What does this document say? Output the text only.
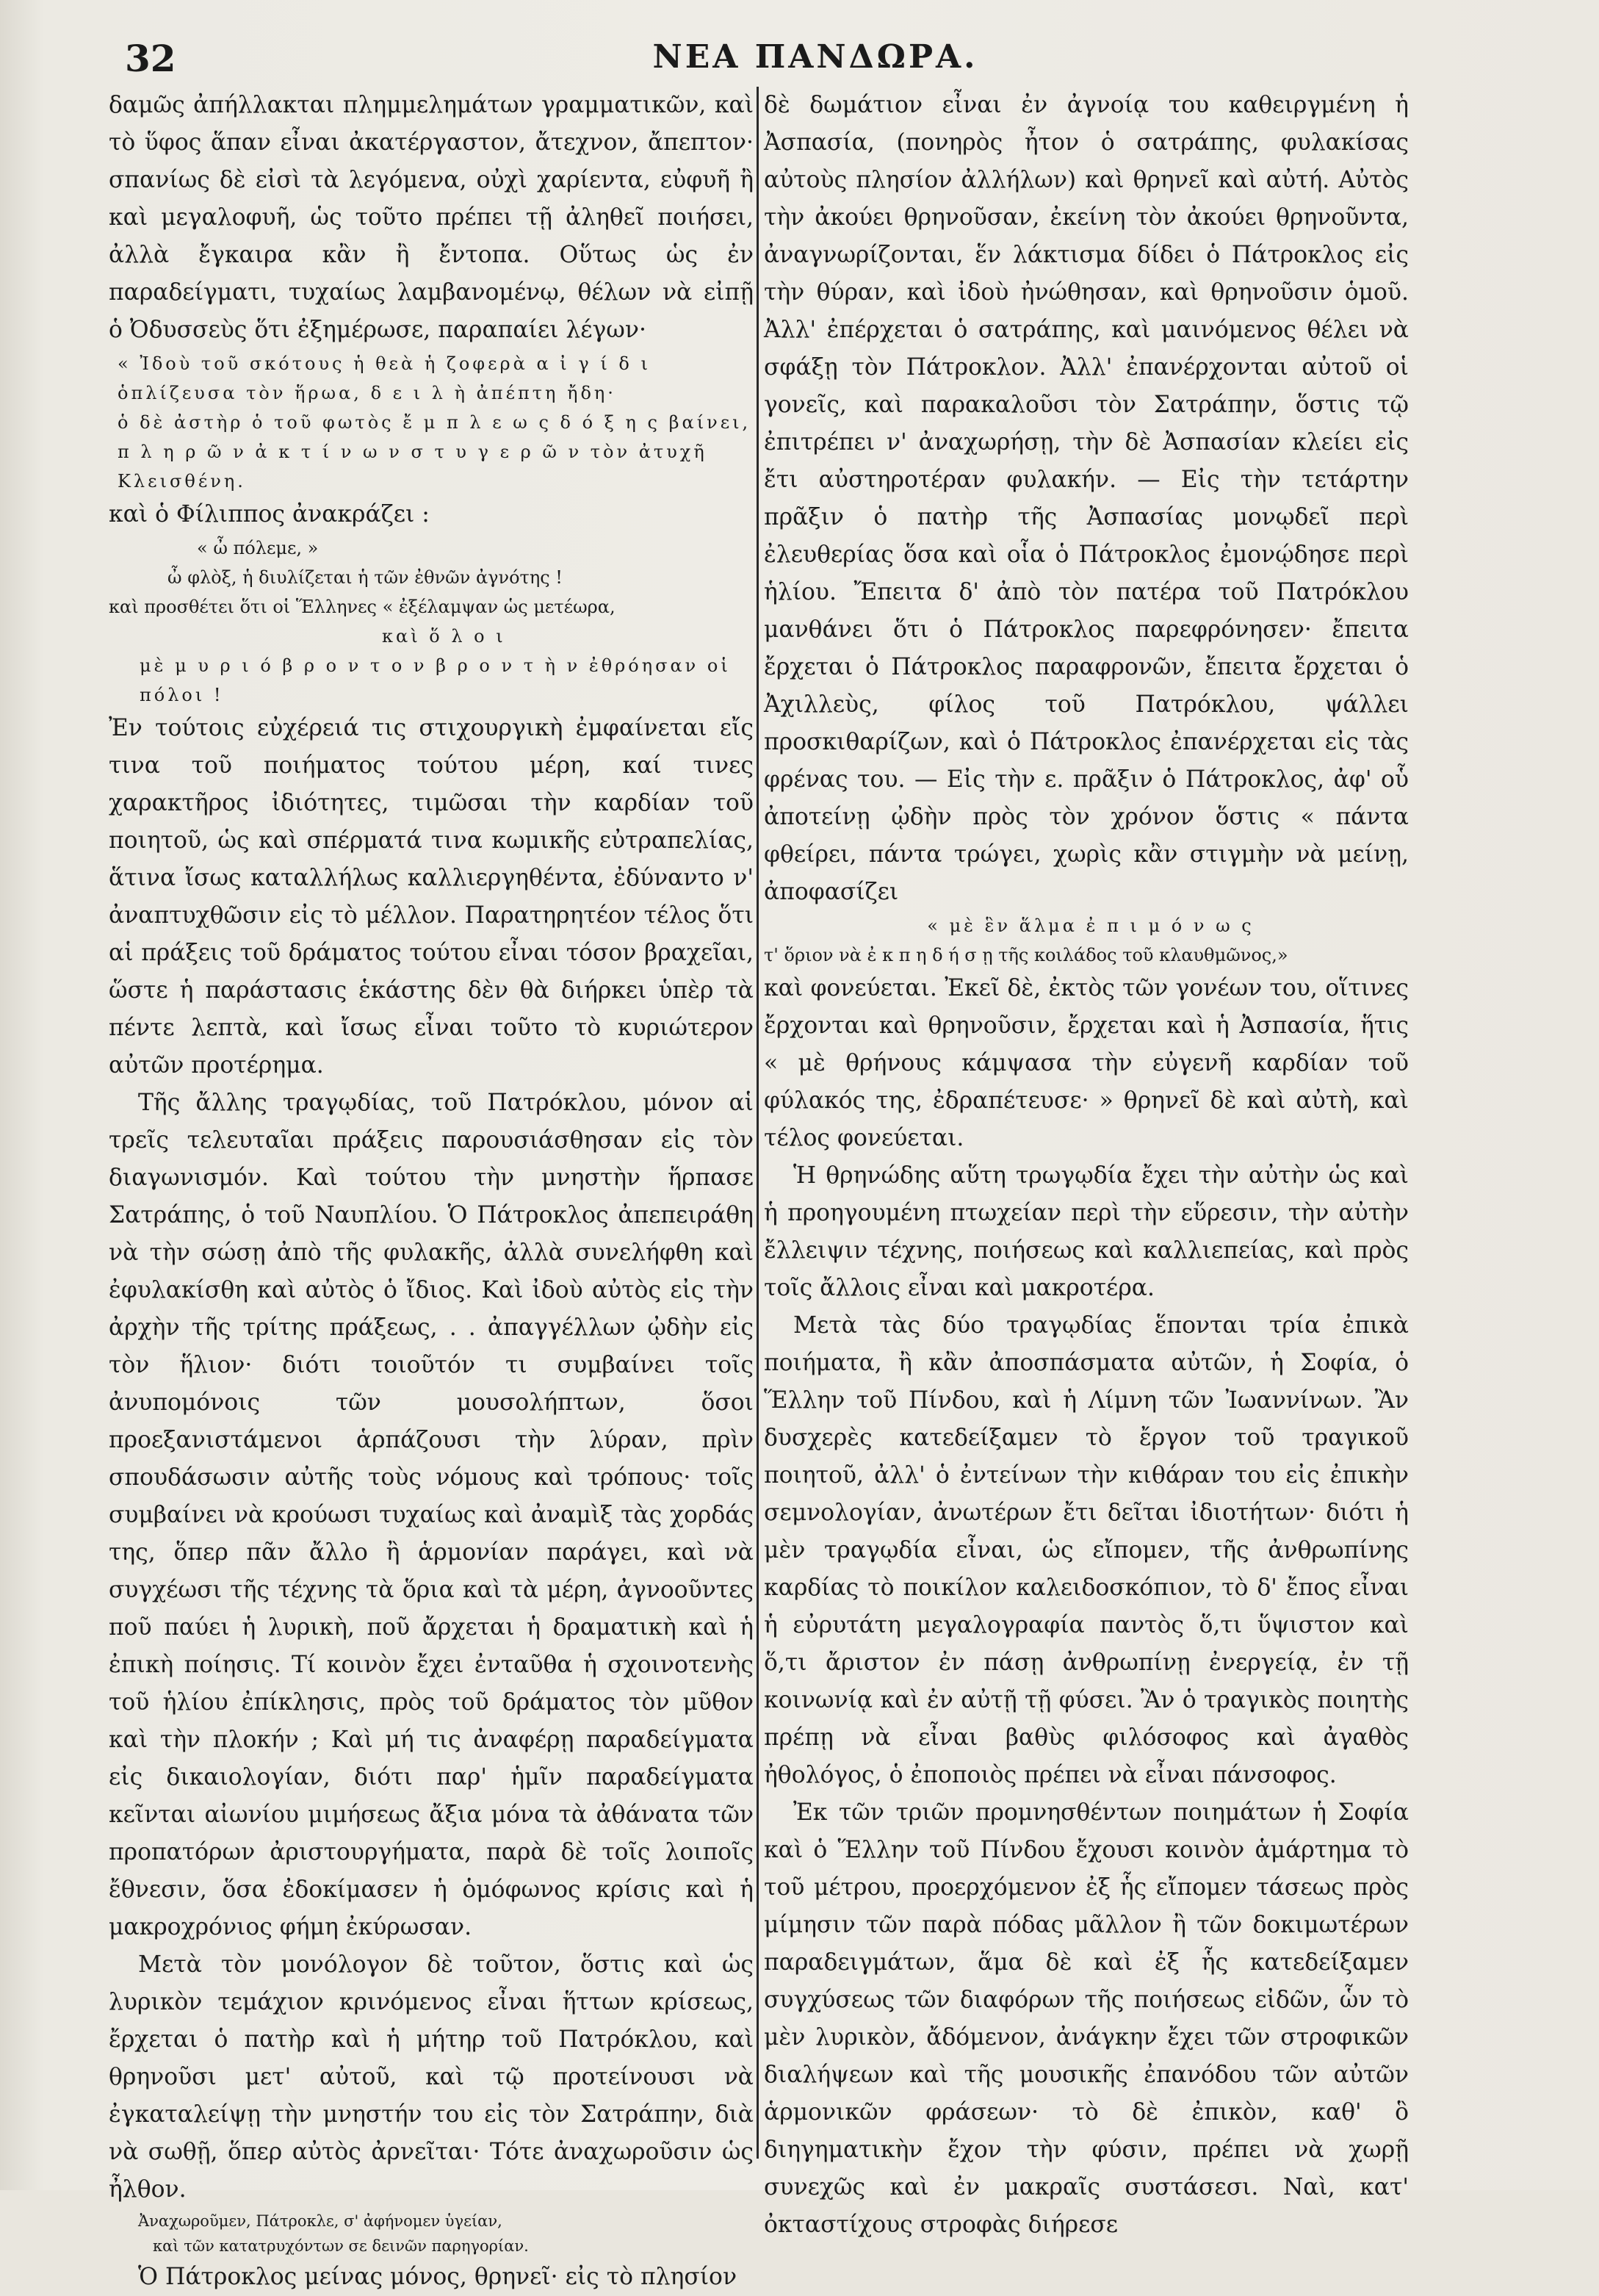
32	ΝΕΑ ΠΑΝΔΩΡΑ.

δαμῶς ἀπήλλακται πλημμελημάτων γραμματικῶν, καὶ τὸ ὕφος ἅπαν εἶναι ἀκατέργαστον, ἄτεχνον, ἄπεπτον· σπανίως δὲ εἰσὶ τὰ λεγόμενα, οὐχὶ χαρίεντα, εὐφυῆ ἢ καὶ μεγαλοφυῆ, ὡς τοῦτο πρέπει τῇ ἀληθεῖ ποιήσει, ἀλλὰ ἔγκαιρα κἂν ἢ ἔντοπα. Οὕτως ὡς ἐν παραδείγματι, τυχαίως λαμβανομένῳ, θέλων νὰ εἰπῇ ὁ Ὀδυσσεὺς ὅτι ἐξημέρωσε, παραπαίει λέγων·

« Ἰδοὺ τοῦ σκότους ἡ θεὰ ἡ ζοφερὰ α ἰ γ ί δ ι
ὁπλίζευσα τὸν ἥρωα, δ ε ι λ ὴ ἀπέπτη ἤδη·
ὁ δὲ ἀστὴρ ὁ τοῦ φωτὸς ἔ μ π λ ε ω ς δ ό ξ η ς βαίνει,
π λ η ρ ῶ ν ἀ κ τ ί ν ω ν σ τ υ γ ε ρ ῶ ν τὸν ἀτυχῆ Κλεισθένη.

καὶ ὁ Φίλιππος ἀνακράζει :

« ὦ πόλεμε, »
ὦ φλὸξ, ἡ διυλίζεται ἡ τῶν ἐθνῶν ἀγνότης !
καὶ προσθέτει ὅτι οἱ Ἕλληνες « ἐξέλαμψαν ὡς μετέωρα,
καὶ ὅ λ ο ι
μὲ μ υ ρ ι ό β ρ ο ν τ ο ν β ρ ο ν τ ὴ ν ἐθρόησαν οἱ πόλοι !

Ἐν τούτοις εὐχέρειά τις στιχουργικὴ ἐμφαίνεται εἴς τινα τοῦ ποιήματος τούτου μέρη, καί τινες χαρακτῆρος ἰδιότητες, τιμῶσαι τὴν καρδίαν τοῦ ποιητοῦ, ὡς καὶ σπέρματά τινα κωμικῆς εὐτραπελίας, ἅτινα ἴσως καταλλήλως καλλιεργηθέντα, ἐδύναντο ν' ἀναπτυχθῶσιν εἰς τὸ μέλλον. Παρατηρητέον τέλος ὅτι αἱ πράξεις τοῦ δράματος τούτου εἶναι τόσον βραχεῖαι, ὥστε ἡ παράστασις ἑκάστης δὲν θὰ διήρκει ὑπὲρ τὰ πέντε λεπτὰ, καὶ ἴσως εἶναι τοῦτο τὸ κυριώτερον αὐτῶν προτέρημα.

Τῆς ἄλλης τραγῳδίας, τοῦ Πατρόκλου, μόνον αἱ τρεῖς τελευταῖαι πράξεις παρουσιάσθησαν εἰς τὸν διαγωνισμόν. Καὶ τούτου τὴν μνηστὴν ἥρπασε Σατράπης, ὁ τοῦ Ναυπλίου. Ὁ Πάτροκλος ἀπεπειράθη νὰ τὴν σώσῃ ἀπὸ τῆς φυλακῆς, ἀλλὰ συνελήφθη καὶ ἐφυλακίσθη καὶ αὐτὸς ὁ ἴδιος. Καὶ ἰδοὺ αὐτὸς εἰς τὴν ἀρχὴν τῆς τρίτης πράξεως, . . ἀπαγγέλλων ᾠδὴν εἰς τὸν ἥλιον· διότι τοιοῦτόν τι συμβαίνει τοῖς ἀνυπομόνοις τῶν μουσολήπτων, ὅσοι προεξανιστάμενοι ἁρπάζουσι τὴν λύραν, πρὶν σπουδάσωσιν αὐτῆς τοὺς νόμους καὶ τρόπους· τοῖς συμβαίνει νὰ κρούωσι τυχαίως καὶ ἀναμὶξ τὰς χορδάς της, ὅπερ πᾶν ἄλλο ἢ ἁρμονίαν παράγει, καὶ νὰ συγχέωσι τῆς τέχνης τὰ ὅρια καὶ τὰ μέρη, ἀγνοοῦντες ποῦ παύει ἡ λυρικὴ, ποῦ ἄρχεται ἡ δραματικὴ καὶ ἡ ἐπικὴ ποίησις. Τί κοινὸν ἔχει ἐνταῦθα ἡ σχοινοτενὴς τοῦ ἡλίου ἐπίκλησις, πρὸς τοῦ δράματος τὸν μῦθον καὶ τὴν πλοκήν ; Καὶ μή τις ἀναφέρῃ παραδείγματα εἰς δικαιολογίαν, διότι παρ' ἡμῖν παραδείγματα κεῖνται αἰωνίου μιμήσεως ἄξια μόνα τὰ ἀθάνατα τῶν προπατόρων ἀριστουργήματα, παρὰ δὲ τοῖς λοιποῖς ἔθνεσιν, ὅσα ἐδοκίμασεν ἡ ὁμόφωνος κρίσις καὶ ἡ μακροχρόνιος φήμη ἐκύρωσαν.

Μετὰ τὸν μονόλογον δὲ τοῦτον, ὅστις καὶ ὡς λυρικὸν τεμάχιον κρινόμενος εἶναι ἥττων κρίσεως, ἔρχεται ὁ πατὴρ καὶ ἡ μήτηρ τοῦ Πατρόκλου, καὶ θρηνοῦσι μετ' αὐτοῦ, καὶ τῷ προτείνουσι νὰ ἐγκαταλείψῃ τὴν μνηστήν του εἰς τὸν Σατράπην, διὰ νὰ σωθῇ, ὅπερ αὐτὸς ἀρνεῖται· Τότε ἀναχωροῦσιν ὡς ἦλθον.

Ἀναχωροῦμεν, Πάτροκλε, σ' ἀφήνομεν ὑγείαν,
καὶ τῶν κατατρυχόντων σε δεινῶν παρηγορίαν.

Ὁ Πάτροκλος μείνας μόνος, θρηνεῖ· εἰς τὸ πλησίον

δὲ δωμάτιον εἶναι ἐν ἀγνοίᾳ του καθειργμένη ἡ Ἀσπασία, (πονηρὸς ἦτον ὁ σατράπης, φυλακίσας αὐτοὺς πλησίον ἀλλήλων) καὶ θρηνεῖ καὶ αὐτή. Αὐτὸς τὴν ἀκούει θρηνοῦσαν, ἐκείνη τὸν ἀκούει θρηνοῦντα, ἀναγνωρίζονται, ἕν λάκτισμα δίδει ὁ Πάτροκλος εἰς τὴν θύραν, καὶ ἰδοὺ ἠνώθησαν, καὶ θρηνοῦσιν ὁμοῦ. Ἀλλ' ἐπέρχεται ὁ σατράπης, καὶ μαινόμενος θέλει νὰ σφάξῃ τὸν Πάτροκλον. Ἀλλ' ἐπανέρχονται αὐτοῦ οἱ γονεῖς, καὶ παρακαλοῦσι τὸν Σατράπην, ὅστις τῷ ἐπιτρέπει ν' ἀναχωρήσῃ, τὴν δὲ Ἀσπασίαν κλείει εἰς ἔτι αὐστηροτέραν φυλακήν. — Εἰς τὴν τετάρτην πρᾶξιν ὁ πατὴρ τῆς Ἀσπασίας μονῳδεῖ περὶ ἐλευθερίας ὅσα καὶ οἷα ὁ Πάτροκλος ἐμονῴδησε περὶ ἡλίου. Ἔπειτα δ' ἀπὸ τὸν πατέρα τοῦ Πατρόκλου μανθάνει ὅτι ὁ Πάτροκλος παρεφρόνησεν· ἔπειτα ἔρχεται ὁ Πάτροκλος παραφρονῶν, ἔπειτα ἔρχεται ὁ Ἀχιλλεὺς, φίλος τοῦ Πατρόκλου, ψάλλει προσκιθαρίζων, καὶ ὁ Πάτροκλος ἐπανέρχεται εἰς τὰς φρένας του. — Εἰς τὴν ε. πρᾶξιν ὁ Πάτροκλος, ἀφ' οὗ ἀποτείνῃ ᾠδὴν πρὸς τὸν χρόνον ὅστις « πάντα φθείρει, πάντα τρώγει, χωρὶς κἂν στιγμὴν νὰ μείνῃ, ἀποφασίζει

« μὲ ἓν ἅλμα ἐ π ι μ ό ν ω ς
τ' ὅριον νὰ ἐ κ π η δ ή σ ῃ τῆς κοιλάδος τοῦ κλαυθμῶνος,»

καὶ φονεύεται. Ἐκεῖ δὲ, ἐκτὸς τῶν γονέων του, οἵτινες ἔρχονται καὶ θρηνοῦσιν, ἔρχεται καὶ ἡ Ἀσπασία, ἥτις « μὲ θρήνους κάμψασα τὴν εὐγενῆ καρδίαν τοῦ φύλακός της, ἐδραπέτευσε· » θρηνεῖ δὲ καὶ αὐτὴ, καὶ τέλος φονεύεται.

Ἡ θρηνώδης αὕτη τρωγῳδία ἔχει τὴν αὐτὴν ὡς καὶ ἡ προηγουμένη πτωχείαν περὶ τὴν εὕρεσιν, τὴν αὐτὴν ἔλλειψιν τέχνης, ποιήσεως καὶ καλλιεπείας, καὶ πρὸς τοῖς ἄλλοις εἶναι καὶ μακροτέρα.

Μετὰ τὰς δύο τραγῳδίας ἕπονται τρία ἐπικὰ ποιήματα, ἢ κἂν ἀποσπάσματα αὐτῶν, ἡ Σοφία, ὁ Ἕλλην τοῦ Πίνδου, καὶ ἡ Λίμνη τῶν Ἰωαννίνων. Ἂν δυσχερὲς κατεδείξαμεν τὸ ἔργον τοῦ τραγικοῦ ποιητοῦ, ἀλλ' ὁ ἐντείνων τὴν κιθάραν του εἰς ἐπικὴν σεμνολογίαν, ἀνωτέρων ἔτι δεῖται ἰδιοτήτων· διότι ἡ μὲν τραγῳδία εἶναι, ὡς εἴπομεν, τῆς ἀνθρωπίνης καρδίας τὸ ποικίλον καλειδοσκόπιον, τὸ δ' ἔπος εἶναι ἡ εὐρυτάτη μεγαλογραφία παντὸς ὅ,τι ὕψιστον καὶ ὅ,τι ἄριστον ἐν πάσῃ ἀνθρωπίνῃ ἐνεργείᾳ, ἐν τῇ κοινωνίᾳ καὶ ἐν αὐτῇ τῇ φύσει. Ἂν ὁ τραγικὸς ποιητὴς πρέπῃ νὰ εἶναι βαθὺς φιλόσοφος καὶ ἀγαθὸς ἠθολόγος, ὁ ἐποποιὸς πρέπει νὰ εἶναι πάνσοφος.

Ἐκ τῶν τριῶν προμνησθέντων ποιημάτων ἡ Σοφία καὶ ὁ Ἕλλην τοῦ Πίνδου ἔχουσι κοινὸν ἁμάρτημα τὸ τοῦ μέτρου, προερχόμενον ἐξ ἧς εἴπομεν τάσεως πρὸς μίμησιν τῶν παρὰ πόδας μᾶλλον ἢ τῶν δοκιμωτέρων παραδειγμάτων, ἅμα δὲ καὶ ἐξ ἧς κατεδείξαμεν συγχύσεως τῶν διαφόρων τῆς ποιήσεως εἰδῶν, ὧν τὸ μὲν λυρικὸν, ἄδόμενον, ἀνάγκην ἔχει τῶν στροφικῶν διαλήψεων καὶ τῆς μουσικῆς ἐπανόδου τῶν αὐτῶν ἁρμονικῶν φράσεων· τὸ δὲ ἐπικὸν, καθ' ὃ διηγηματικὴν ἔχον τὴν φύσιν, πρέπει νὰ χωρῇ συνεχῶς καὶ ἐν μακραῖς συστάσεσι. Ναὶ, κατ' ὀκταστίχους στροφὰς διήρεσε
